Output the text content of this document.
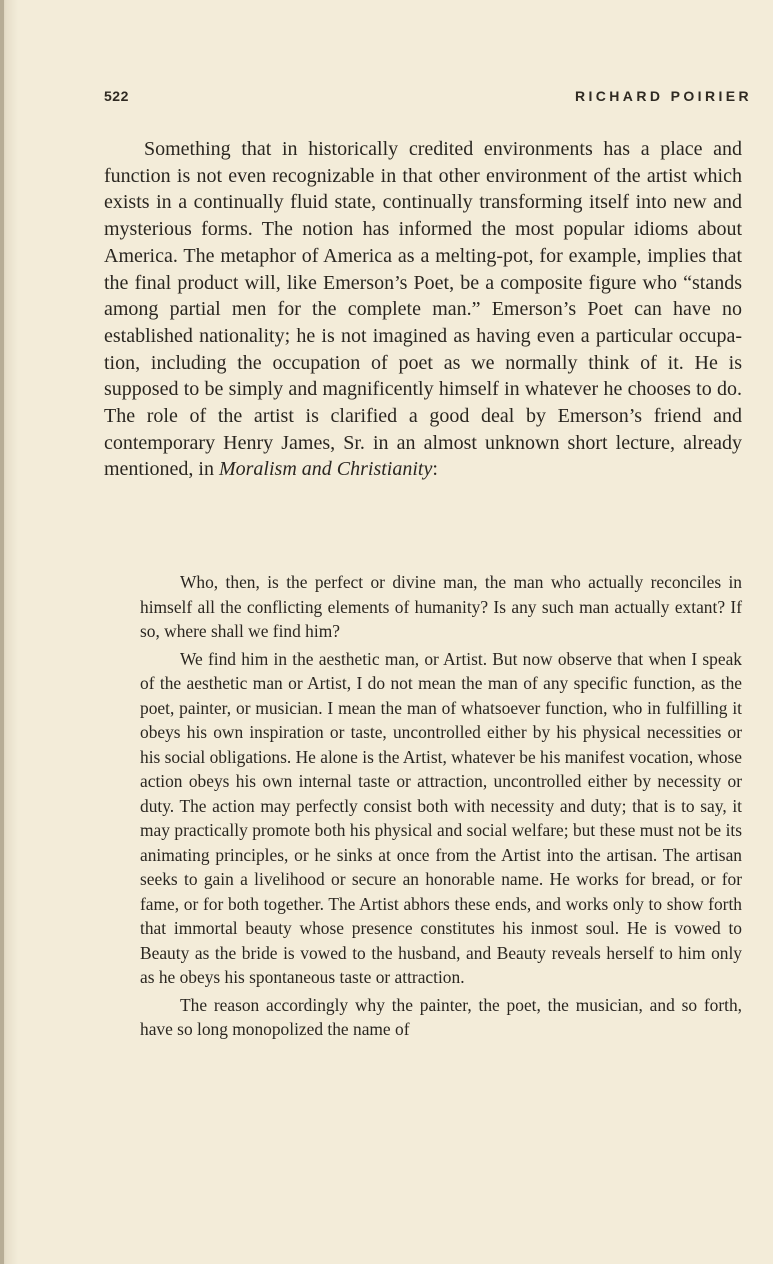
522	RICHARD POIRIER

Something that in historically credited environments has a place and function is not even recognizable in that other environment of the artist which exists in a continually fluid state, continually transforming itself into new and mysterious forms. The notion has informed the most popular idioms about America. The metaphor of America as a melting-pot, for example, implies that the final product will, like Emerson’s Poet, be a composite figure who “stands among partial men for the complete man.” Emerson’s Poet can have no established nationality; he is not imagined as having even a particular occupation, including the occupation of poet as we normally think of it. He is supposed to be simply and magnificently himself in whatever he chooses to do. The role of the artist is clarified a good deal by Emerson’s friend and contemporary Henry James, Sr. in an almost unknown short lecture, already mentioned, in Moralism and Christianity:

Who, then, is the perfect or divine man, the man who actually reconciles in himself all the conflicting elements of humanity? Is any such man actually extant? If so, where shall we find him?

We find him in the aesthetic man, or Artist. But now observe that when I speak of the aesthetic man or Artist, I do not mean the man of any specific function, as the poet, painter, or musician. I mean the man of whatsoever function, who in fulfilling it obeys his own inspiration or taste, uncontrolled either by his physical necessities or his social obligations. He alone is the Artist, whatever be his manifest vocation, whose action obeys his own internal taste or attraction, uncontrolled either by necessity or duty. The action may perfectly consist both with necessity and duty; that is to say, it may practically promote both his physical and social welfare; but these must not be its animating principles, or he sinks at once from the Artist into the artisan. The artisan seeks to gain a livelihood or secure an honorable name. He works for bread, or for fame, or for both together. The Artist abhors these ends, and works only to show forth that immortal beauty whose presence constitutes his inmost soul. He is vowed to Beauty as the bride is vowed to the husband, and Beauty reveals herself to him only as he obeys his spontaneous taste or attraction.

The reason accordingly why the painter, the poet, the musician, and so forth, have so long monopolized the name of
